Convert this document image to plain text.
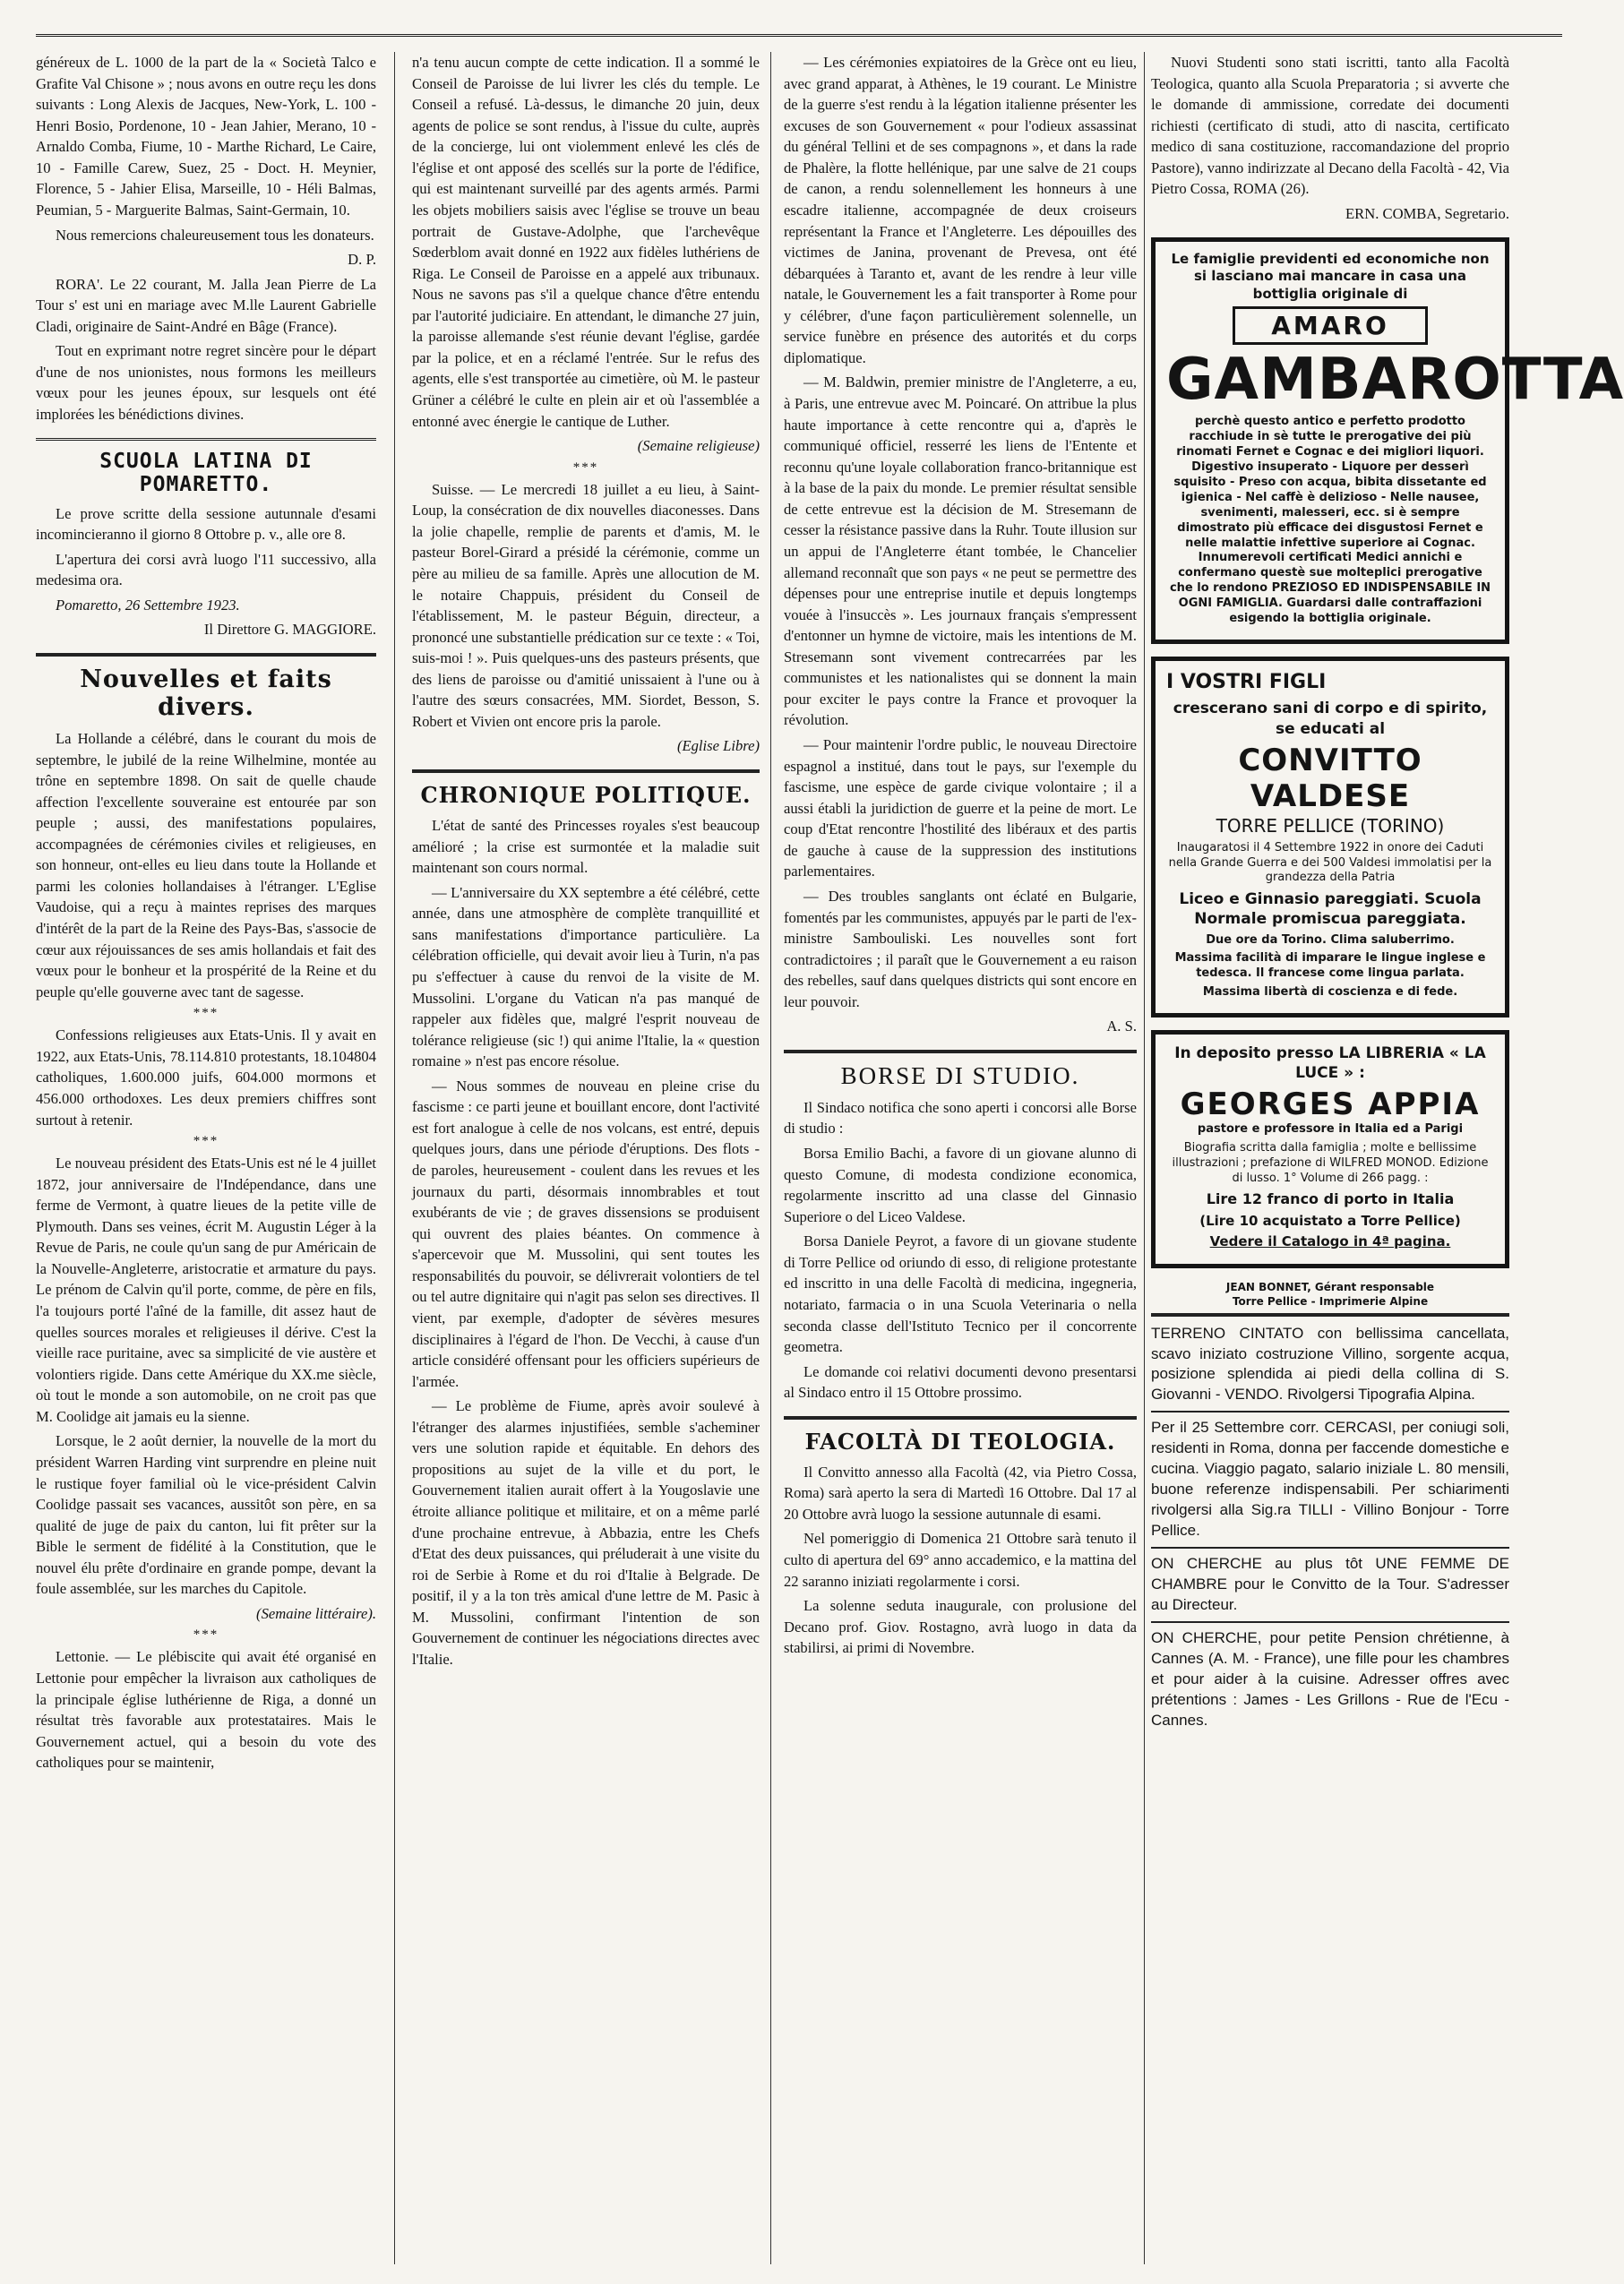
généreux de L. 1000 de la part de la « Società Talco e Grafite Val Chisone » ; nous avons en outre reçu les dons suivants : Long Alexis de Jacques, New-York, L. 100 - Henri Bosio, Pordenone, 10 - Jean Jahier, Merano, 10 - Arnaldo Comba, Fiume, 10 - Marthe Richard, Le Caire, 10 - Famille Carew, Suez, 25 - Doct. H. Meynier, Florence, 5 - Jahier Elisa, Marseille, 10 - Héli Balmas, Peumian, 5 - Marguerite Balmas, Saint-Germain, 10.

Nous remercions chaleureusement tous les donateurs.

D. P.

RORA'. Le 22 courant, M. Jalla Jean Pierre de La Tour s' est uni en mariage avec M.lle Laurent Gabrielle Cladi, originaire de Saint-André en Bâge (France).

Tout en exprimant notre regret sincère pour le départ d'une de nos unionistes, nous formons les meilleurs vœux pour les jeunes époux, sur lesquels ont été implorées les bénédictions divines.

SCUOLA LATINA DI POMARETTO.

Le prove scritte della sessione autunnale d'esami incomincieranno il giorno 8 Ottobre p. v., alle ore 8.

L'apertura dei corsi avrà luogo l'11 successivo, alla medesima ora.

Pomaretto, 26 Settembre 1923.

Il Direttore G. MAGGIORE.

Nouvelles et faits divers.

La Hollande a célébré, dans le courant du mois de septembre, le jubilé de la reine Wilhelmine, montée au trône en septembre 1898. On sait de quelle chaude affection l'excellente souveraine est entourée par son peuple ; aussi, des manifestations populaires, accompagnées de cérémonies civiles et religieuses, en son honneur, ont-elles eu lieu dans toute la Hollande et parmi les colonies hollandaises à l'étranger. L'Eglise Vaudoise, qui a reçu à maintes reprises des marques d'intérêt de la part de la Reine des Pays-Bas, s'associe de cœur aux réjouissances de ses amis hollandais et fait des vœux pour le bonheur et la prospérité de la Reine et du peuple qu'elle gouverne avec tant de sagesse.

***

Confessions religieuses aux Etats-Unis. Il y avait en 1922, aux Etats-Unis, 78.114.810 protestants, 18.104804 catholiques, 1.600.000 juifs, 604.000 mormons et 456.000 orthodoxes. Les deux premiers chiffres sont surtout à retenir.

***

Le nouveau président des Etats-Unis est né le 4 juillet 1872, jour anniversaire de l'Indépendance, dans une ferme de Vermont, à quatre lieues de la petite ville de Plymouth. Dans ses veines, écrit M. Augustin Léger à la Revue de Paris, ne coule qu'un sang de pur Américain de la Nouvelle-Angleterre, aristocratie et armature du pays. Le prénom de Calvin qu'il porte, comme, de père en fils, l'a toujours porté l'aîné de la famille, dit assez haut de quelles sources morales et religieuses il dérive. C'est la vieille race puritaine, avec sa simplicité de vie austère et volontiers rigide. Dans cette Amérique du XX.me siècle, où tout le monde a son automobile, on ne croit pas que M. Coolidge ait jamais eu la sienne.

Lorsque, le 2 août dernier, la nouvelle de la mort du président Warren Harding vint surprendre en pleine nuit le rustique foyer familial où le vice-président Calvin Coolidge passait ses vacances, aussitôt son père, en sa qualité de juge de paix du canton, lui fit prêter sur la Bible le serment de fidélité à la Constitution, que le nouvel élu prête d'ordinaire en grande pompe, devant la foule assemblée, sur les marches du Capitole.

(Semaine littéraire).

***

Lettonie. — Le plébiscite qui avait été organisé en Lettonie pour empêcher la livraison aux catholiques de la principale église luthérienne de Riga, a donné un résultat très favorable aux protestataires. Mais le Gouvernement actuel, qui a besoin du vote des catholiques pour se maintenir,

n'a tenu aucun compte de cette indication. Il a sommé le Conseil de Paroisse de lui livrer les clés du temple. Le Conseil a refusé. Là-dessus, le dimanche 20 juin, deux agents de police se sont rendus, à l'issue du culte, auprès de la concierge, lui ont violemment enlevé les clés de l'église et ont apposé des scellés sur la porte de l'édifice, qui est maintenant surveillé par des agents armés. Parmi les objets mobiliers saisis avec l'église se trouve un beau portrait de Gustave-Adolphe, que l'archevêque Sœderblom avait donné en 1922 aux fidèles luthériens de Riga. Le Conseil de Paroisse en a appelé aux tribunaux. Nous ne savons pas s'il a quelque chance d'être entendu par l'autorité judiciaire. En attendant, le dimanche 27 juin, la paroisse allemande s'est réunie devant l'église, gardée par la police, et en a réclamé l'entrée. Sur le refus des agents, elle s'est transportée au cimetière, où M. le pasteur Grüner a célébré le culte en plein air et où l'assemblée a entonné avec énergie le cantique de Luther.

(Semaine religieuse)

***

Suisse. — Le mercredi 18 juillet a eu lieu, à Saint-Loup, la consécration de dix nouvelles diaconesses. Dans la jolie chapelle, remplie de parents et d'amis, M. le pasteur Borel-Girard a présidé la cérémonie, comme un père au milieu de sa famille. Après une allocution de M. le notaire Chappuis, président du Conseil de l'établissement, M. le pasteur Béguin, directeur, a prononcé une substantielle prédication sur ce texte : « Toi, suis-moi ! ». Puis quelques-uns des pasteurs présents, que des liens de paroisse ou d'amitié unissaient à l'une ou à l'autre des sœurs consacrées, MM. Siordet, Besson, S. Robert et Vivien ont encore pris la parole.

(Eglise Libre)

CHRONIQUE POLITIQUE.

L'état de santé des Princesses royales s'est beaucoup amélioré ; la crise est surmontée et la maladie suit maintenant son cours normal.

— L'anniversaire du XX septembre a été célébré, cette année, dans une atmosphère de complète tranquillité et sans manifestations d'importance particulière. La célébration officielle, qui devait avoir lieu à Turin, n'a pas pu s'effectuer à cause du renvoi de la visite de M. Mussolini. L'organe du Vatican n'a pas manqué de rappeler aux fidèles que, malgré l'esprit nouveau de tolérance religieuse (sic !) qui anime l'Italie, la « question romaine » n'est pas encore résolue.

— Nous sommes de nouveau en pleine crise du fascisme : ce parti jeune et bouillant encore, dont l'activité est fort analogue à celle de nos volcans, est entré, depuis quelques jours, dans une période d'éruptions. Des flots - de paroles, heureusement - coulent dans les revues et les journaux du parti, désormais innombrables et tout exubérants de vie ; de graves dissensions se produisent qui ouvrent des plaies béantes. On commence à s'apercevoir que M. Mussolini, qui sent toutes les responsabilités du pouvoir, se délivrerait volontiers de tel ou tel autre dignitaire qui n'agit pas selon ses directives. Il vient, par exemple, d'adopter de sévères mesures disciplinaires à l'égard de l'hon. De Vecchi, à cause d'un article considéré offensant pour les officiers supérieurs de l'armée.

— Le problème de Fiume, après avoir soulevé à l'étranger des alarmes injustifiées, semble s'acheminer vers une solution rapide et équitable. En dehors des propositions au sujet de la ville et du port, le Gouvernement italien aurait offert à la Yougoslavie une étroite alliance politique et militaire, et on a même parlé d'une prochaine entrevue, à Abbazia, entre les Chefs d'Etat des deux puissances, qui préluderait à une visite du roi de Serbie à Rome et du roi d'Italie à Belgrade. De positif, il y a la ton très amical d'une lettre de M. Pasic à M. Mussolini, confirmant l'intention de son Gouvernement de continuer les négociations directes avec l'Italie.

— Les cérémonies expiatoires de la Grèce ont eu lieu, avec grand apparat, à Athènes, le 19 courant. Le Ministre de la guerre s'est rendu à la légation italienne présenter les excuses de son Gouvernement « pour l'odieux assassinat du général Tellini et de ses compagnons », et dans la rade de Phalère, la flotte hellénique, par une salve de 21 coups de canon, a rendu solennellement les honneurs à une escadre italienne, accompagnée de deux croiseurs représentant la France et l'Angleterre. Les dépouilles des victimes de Janina, provenant de Prevesa, ont été débarquées à Taranto et, avant de les rendre à leur ville natale, le Gouvernement les a fait transporter à Rome pour y célébrer, d'une façon particulièrement solennelle, un service funèbre en présence des autorités et du corps diplomatique.

— M. Baldwin, premier ministre de l'Angleterre, a eu, à Paris, une entrevue avec M. Poincaré. On attribue la plus haute importance à cette rencontre qui a, d'après le communiqué officiel, resserré les liens de l'Entente et reconnu qu'une loyale collaboration franco-britannique est à la base de la paix du monde. Le premier résultat sensible de cette entrevue est la décision de M. Stresemann de cesser la résistance passive dans la Ruhr. Toute illusion sur un appui de l'Angleterre étant tombée, le Chancelier allemand reconnaît que son pays « ne peut se permettre des dépenses pour une entreprise inutile et depuis longtemps vouée à l'insuccès ». Les journaux français s'empressent d'entonner un hymne de victoire, mais les intentions de M. Stresemann sont vivement contrecarrées par les communistes et les nationalistes qui se donnent la main pour exciter le pays contre la France et provoquer la révolution.

— Pour maintenir l'ordre public, le nouveau Directoire espagnol a institué, dans tout le pays, sur l'exemple du fascisme, une espèce de garde civique volontaire ; il a aussi établi la juridiction de guerre et la peine de mort. Le coup d'Etat rencontre l'hostilité des libéraux et des partis de gauche à cause de la suppression des institutions parlementaires.

— Des troubles sanglants ont éclaté en Bulgarie, fomentés par les communistes, appuyés par le parti de l'ex-ministre Sambouliski. Les nouvelles sont fort contradictoires ; il paraît que le Gouvernement a eu raison des rebelles, sauf dans quelques districts qui sont encore en leur pouvoir.

A. S.

BORSE DI STUDIO.

Il Sindaco notifica che sono aperti i concorsi alle Borse di studio :

Borsa Emilio Bachi, a favore di un giovane alunno di questo Comune, di modesta condizione economica, regolarmente inscritto ad una classe del Ginnasio Superiore o del Liceo Valdese.

Borsa Daniele Peyrot, a favore di un giovane studente di Torre Pellice od oriundo di esso, di religione protestante ed inscritto in una delle Facoltà di medicina, ingegneria, notariato, farmacia o in una Scuola Veterinaria o nella seconda classe dell'Istituto Tecnico per il concorrente geometra.

Le domande coi relativi documenti devono presentarsi al Sindaco entro il 15 Ottobre prossimo.

FACOLTÀ DI TEOLOGIA.

Il Convitto annesso alla Facoltà (42, via Pietro Cossa, Roma) sarà aperto la sera di Martedì 16 Ottobre. Dal 17 al 20 Ottobre avrà luogo la sessione autunnale di esami.

Nel pomeriggio di Domenica 21 Ottobre sarà tenuto il culto di apertura del 69° anno accademico, e la mattina del 22 saranno iniziati regolarmente i corsi.

La solenne seduta inaugurale, con prolusione del Decano prof. Giov. Rostagno, avrà luogo in data da stabilirsi, ai primi di Novembre.

Nuovi Studenti sono stati iscritti, tanto alla Facoltà Teologica, quanto alla Scuola Preparatoria ; si avverte che le domande di ammissione, corredate dei documenti richiesti (certificato di studi, atto di nascita, certificato medico di sana costituzione, raccomandazione del proprio Pastore), vanno indirizzate al Decano della Facoltà - 42, Via Pietro Cossa, ROMA (26).

ERN. COMBA, Segretario.

Le famiglie previdenti ed economiche non si lasciano mai mancare in casa una bottiglia originale di

AMARO
GAMBAROTTA

perchè questo antico e perfetto prodotto racchiude in sè tutte le prerogative dei più rinomati Fernet e Cognac e dei migliori liquori. Digestivo insuperato - Liquore per desserì squisito - Preso con acqua, bibita dissetante ed igienica - Nel caffè è delizioso - Nelle nausee, svenimenti, malesseri, ecc. si è sempre dimostrato più efficace dei disgustosi Fernet e nelle malattie infettive superiore ai Cognac. Innumerevoli certificati Medici annichi e confermano questè sue molteplici prerogative che lo rendono PREZIOSO ED INDISPENSABILE IN OGNI FAMIGLIA. Guardarsi dalle contraffazioni esigendo la bottiglia originale.

I VOSTRI FIGLI

crescerano sani di corpo e di spirito, se educati al

CONVITTO VALDESE

TORRE PELLICE (TORINO)

Inaugaratosi il 4 Settembre 1922 in onore dei Caduti nella Grande Guerra e dei 500 Valdesi immolatisi per la grandezza della Patria

Liceo e Ginnasio pareggiati. Scuola Normale promiscua pareggiata.

Due ore da Torino. Clima saluberrimo.

Massima facilità di imparare le lingue inglese e tedesca. Il francese come lingua parlata.

Massima libertà di coscienza e di fede.

In deposito presso LA LIBRERIA « LA LUCE » :

GEORGES APPIA

pastore e professore in Italia ed a Parigi

Biografia scritta dalla famiglia ; molte e bellissime illustrazioni ; prefazione di WILFRED MONOD. Edizione di lusso. 1° Volume di 266 pagg. :

Lire 12 franco di porto in Italia

(Lire 10 acquistato a Torre Pellice)

Vedere il Catalogo in 4ª pagina.

JEAN BONNET, Gérant responsable
Torre Pellice - Imprimerie Alpine

TERRENO CINTATO con bellissima cancellata, scavo iniziato costruzione Villino, sorgente acqua, posizione splendida ai piedi della collina di S. Giovanni - VENDO. Rivolgersi Tipografia Alpina.

Per il 25 Settembre corr. CERCASI, per coniugi soli, residenti in Roma, donna per faccende domestiche e cucina. Viaggio pagato, salario iniziale L. 80 mensili, buone referenze indispensabili. Per schiarimenti rivolgersi alla Sig.ra TILLI - Villino Bonjour - Torre Pellice.

ON CHERCHE au plus tôt UNE FEMME DE CHAMBRE pour le Convitto de la Tour. S'adresser au Directeur.

ON CHERCHE, pour petite Pension chrétienne, à Cannes (A. M. - France), une fille pour les chambres et pour aider à la cuisine. Adresser offres avec prétentions : James - Les Grillons - Rue de l'Ecu - Cannes.
